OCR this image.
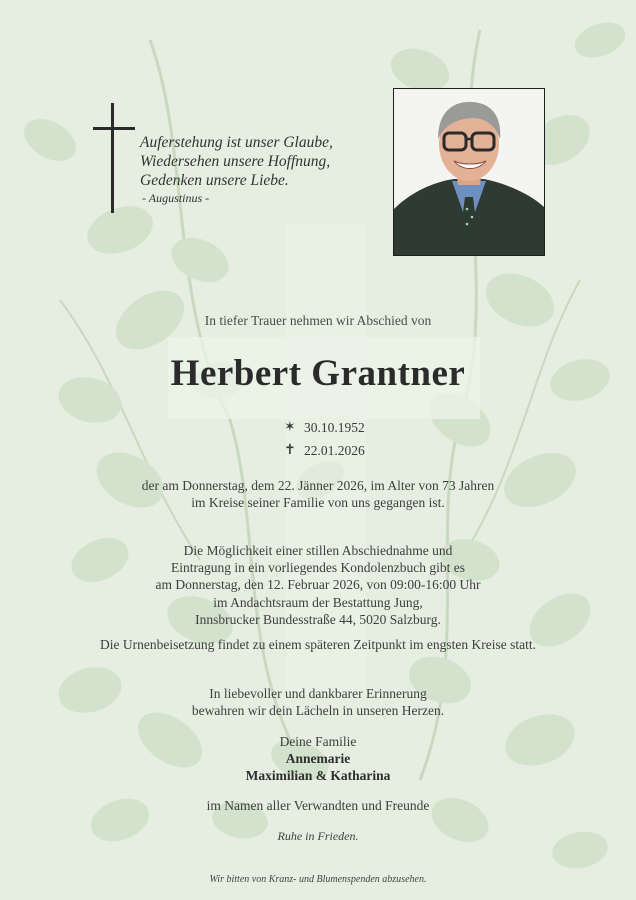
Auferstehung ist unser Glaube,
Wiedersehen unsere Hoffnung,
Gedenken unsere Liebe.
- Augustinus -
In tiefer Trauer nehmen wir Abschied von
Herbert Grantner
✶ 30.10.1952
✝ 22.01.2026
der am Donnerstag, dem 22. Jänner 2026, im Alter von 73 Jahren
im Kreise seiner Familie von uns gegangen ist.
Die Möglichkeit einer stillen Abschiednahme und
Eintragung in ein vorliegendes Kondolenzbuch gibt es
am Donnerstag, den 12. Februar 2026, von 09:00-16:00 Uhr
im Andachtsraum der Bestattung Jung,
Innsbrucker Bundesstraße 44, 5020 Salzburg.
Die Urnenbeisetzung findet zu einem späteren Zeitpunkt im engsten Kreise statt.
In liebevoller und dankbarer Erinnerung
bewahren wir dein Lächeln in unseren Herzen.
Deine Familie
Annemarie
Maximilian & Katharina
im Namen aller Verwandten und Freunde
Ruhe in Frieden.
Wir bitten von Kranz- und Blumenspenden abzusehen.
